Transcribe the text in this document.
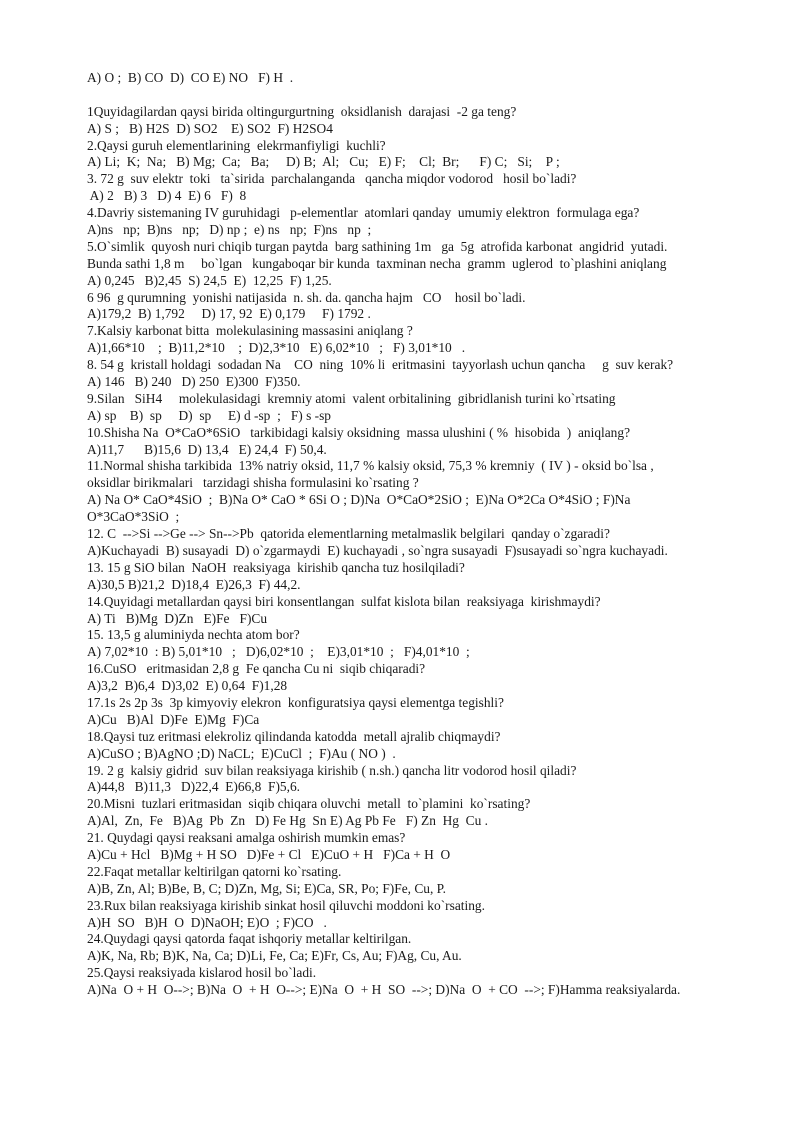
A) O ;  B) CO  D)  CO E) NO   F) H  .
1Quyidagilardan qaysi birida oltingurgurtning  oksidlanish  darajasi  -2 ga teng?
A) S ;   B) H2S  D) SO2    E) SO2  F) H2SO4
2.Qaysi guruh elementlarining  elekrmanfiyligi  kuchli?
A) Li;  K;  Na;   B) Mg;  Ca;   Ba;     D) B;  Al;   Cu;   E) F;    Cl;  Br;      F) C;   Si;    P ;
3. 72 g  suv elektr  toki   ta`sirida  parchalanganda   qancha miqdor vodorod   hosil bo`ladi?
A) 2   B) 3   D) 4  E) 6   F)  8
4.Davriy sistemaning IV guruhidagi   p-elementlar  atomlari qanday  umumiy elektron  formulaga ega?
A)ns   np;  B)ns   np;   D) np ;  e) ns   np;  F)ns   np  ;
5.O`simlik  quyosh nuri chiqib turgan paytda  barg sathining 1m   ga  5g  atrofida karbonat  angidrid  yutadi.
Bunda sathi 1,8 m     bo`lgan   kungaboqar bir kunda  taxminan necha  gramm  uglerod  to`plashini aniqlang
A) 0,245   B)2,45  S) 24,5  E)  12,25  F) 1,25.
6 96  g qurumning  yonishi natijasida  n. sh. da. qancha hajm   CO    hosil bo`ladi.
A)179,2  B) 1,792     D) 17, 92  E) 0,179     F) 1792 .
7.Kalsiy karbonat bitta  molekulasining massasini aniqlang ?
A)1,66*10    ;  B)11,2*10    ;  D)2,3*10   E) 6,02*10   ;   F) 3,01*10   .
8. 54 g  kristall holdagi  sodadan Na    CO  ning  10% li  eritmasini  tayyorlash uchun qancha     g  suv kerak?
A) 146   B) 240   D) 250  E)300  F)350.
9.Silan   SiH4     molekulasidagi  kremniy atomi  valent orbitalining  gibridlanish turini ko`rtsating
A) sp    B)  sp     D)  sp     E) d -sp  ;   F) s -sp
10.Shisha Na  O*CaO*6SiO   tarkibidagi kalsiy oksidning  massa ulushini ( %  hisobida  )  aniqlang?
A)11,7      B)15,6  D) 13,4   E) 24,4  F) 50,4.
11.Normal shisha tarkibida  13% natriy oksid, 11,7 % kalsiy oksid, 75,3 % kremniy  ( IV ) - oksid bo`lsa ,
oksidlar birikmalari   tarzidagi shisha formulasini ko`rsating ?
A) Na O* CaO*4SiO  ;  B)Na O* CaO * 6Si O ; D)Na  O*CaO*2SiO ;  E)Na O*2Ca O*4SiO ; F)Na
O*3CaO*3SiO  ;
12. C  -->Si -->Ge --> Sn-->Pb  qatorida elementlarning metalmaslik belgilari  qanday o`zgaradi?
A)Kuchayadi  B) susayadi  D) o`zgarmaydi  E) kuchayadi , so`ngra susayadi  F)susayadi so`ngra kuchayadi.
13. 15 g SiO bilan  NaOH  reaksiyaga  kirishib qancha tuz hosilqiladi?
A)30,5 B)21,2  D)18,4  E)26,3  F) 44,2.
14.Quyidagi metallardan qaysi biri konsentlangan  sulfat kislota bilan  reaksiyaga  kirishmaydi?
A) Ti   B)Mg  D)Zn   E)Fe   F)Cu
15. 13,5 g aluminiyda nechta atom bor?
A) 7,02*10  : B) 5,01*10   ;   D)6,02*10  ;    E)3,01*10  ;   F)4,01*10  ;
16.CuSO   eritmasidan 2,8 g  Fe qancha Cu ni  siqib chiqaradi?
A)3,2  B)6,4  D)3,02  E) 0,64  F)1,28
17.1s 2s 2p 3s  3p kimyoviy elekron  konfiguratsiya qaysi elementga tegishli?
A)Cu   B)Al  D)Fe  E)Mg  F)Ca
18.Qaysi tuz eritmasi elekroliz qilindanda katodda  metall ajralib chiqmaydi?
A)CuSO ; B)AgNO ;D) NaCL;  E)CuCl  ;  F)Au ( NO )  .
19. 2 g  kalsiy gidrid  suv bilan reaksiyaga kirishib ( n.sh.) qancha litr vodorod hosil qiladi?
A)44,8   B)11,3   D)22,4  E)66,8  F)5,6.
20.Misni  tuzlari eritmasidan  siqib chiqara oluvchi  metall  to`plamini  ko`rsating?
A)Al,  Zn,  Fe   B)Ag  Pb  Zn   D) Fe Hg  Sn E) Ag Pb Fe   F) Zn  Hg  Cu .
21. Quydagi qaysi reaksani amalga oshirish mumkin emas?
A)Cu + Hcl   B)Mg + H SO   D)Fe + Cl   E)CuO + H   F)Ca + H  O
22.Faqat metallar keltirilgan qatorni ko`rsating.
A)B, Zn, Al; B)Be, B, C; D)Zn, Mg, Si; E)Ca, SR, Po; F)Fe, Cu, P.
23.Rux bilan reaksiyaga kirishib sinkat hosil qiluvchi moddoni ko`rsating.
A)H  SO   B)H  O  D)NaOH; E)O  ; F)CO   .
24.Quydagi qaysi qatorda faqat ishqoriy metallar keltirilgan.
A)K, Na, Rb; B)K, Na, Ca; D)Li, Fe, Ca; E)Fr, Cs, Au; F)Ag, Cu, Au.
25.Qaysi reaksiyada kislarod hosil bo`ladi.
A)Na  O + H  O-->; B)Na  O  + H  O-->; E)Na  O  + H  SO  -->; D)Na  O  + CO  -->; F)Hamma reaksiyalarda.
